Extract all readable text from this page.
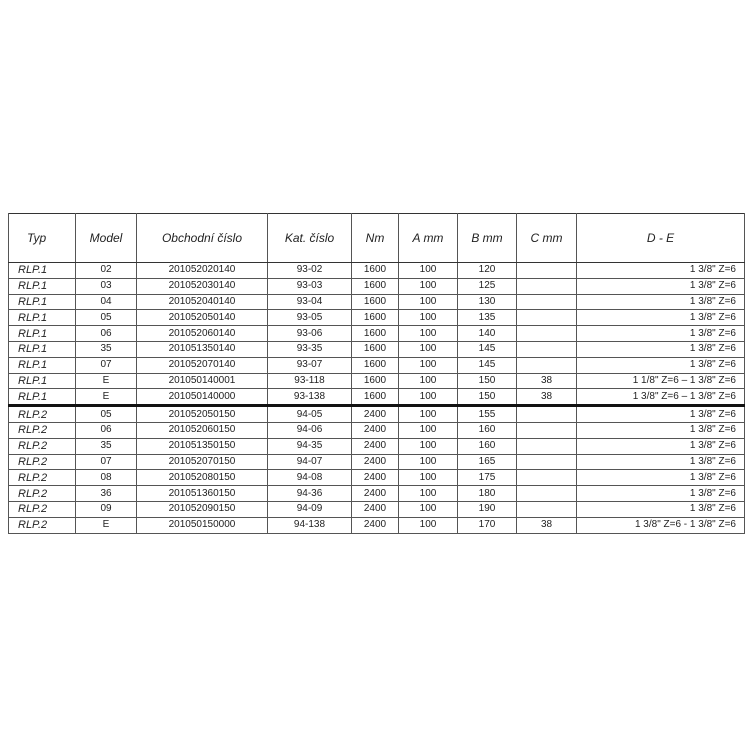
Typ	Model	Obchodní číslo	Kat. číslo	Nm	A mm	B mm	C mm	D - E
RLP.1	02	201052020140	93-02	1600	100	120		1 3/8" Z=6
RLP.1	03	201052030140	93-03	1600	100	125		1 3/8" Z=6
RLP.1	04	201052040140	93-04	1600	100	130		1 3/8" Z=6
RLP.1	05	201052050140	93-05	1600	100	135		1 3/8" Z=6
RLP.1	06	201052060140	93-06	1600	100	140		1 3/8" Z=6
RLP.1	35	201051350140	93-35	1600	100	145		1 3/8" Z=6
RLP.1	07	201052070140	93-07	1600	100	145		1 3/8" Z=6
RLP.1	E	201050140001	93-118	1600	100	150	38	1 1/8" Z=6 – 1 3/8" Z=6
RLP.1	E	201050140000	93-138	1600	100	150	38	1 3/8" Z=6 – 1 3/8" Z=6
RLP.2	05	201052050150	94-05	2400	100	155		1 3/8" Z=6
RLP.2	06	201052060150	94-06	2400	100	160		1 3/8" Z=6
RLP.2	35	201051350150	94-35	2400	100	160		1 3/8" Z=6
RLP.2	07	201052070150	94-07	2400	100	165		1 3/8" Z=6
RLP.2	08	201052080150	94-08	2400	100	175		1 3/8" Z=6
RLP.2	36	201051360150	94-36	2400	100	180		1 3/8" Z=6
RLP.2	09	201052090150	94-09	2400	100	190		1 3/8" Z=6
RLP.2	E	201050150000	94-138	2400	100	170	38	1 3/8" Z=6 - 1 3/8" Z=6
